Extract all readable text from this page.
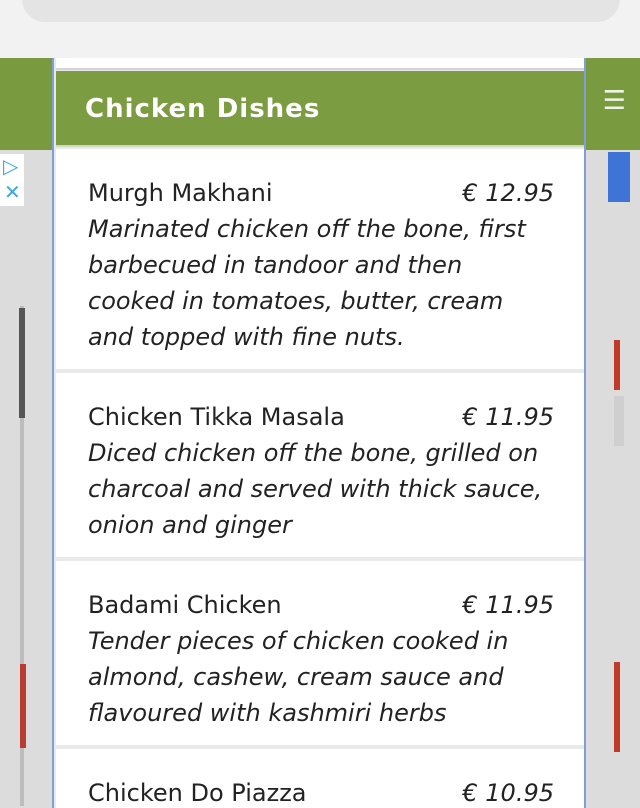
☰
▷
✕
Chicken Dishes
Murgh Makhani	€ 12.95
Marinated chicken off the bone, first barbecued in tandoor and then cooked in tomatoes, butter, cream and topped with fine nuts.
Chicken Tikka Masala	€ 11.95
Diced chicken off the bone, grilled on charcoal and served with thick sauce, onion and ginger
Badami Chicken	€ 11.95
Tender pieces of chicken cooked in almond, cashew, cream sauce and flavoured with kashmiri herbs
Chicken Do Piazza	€ 10.95
